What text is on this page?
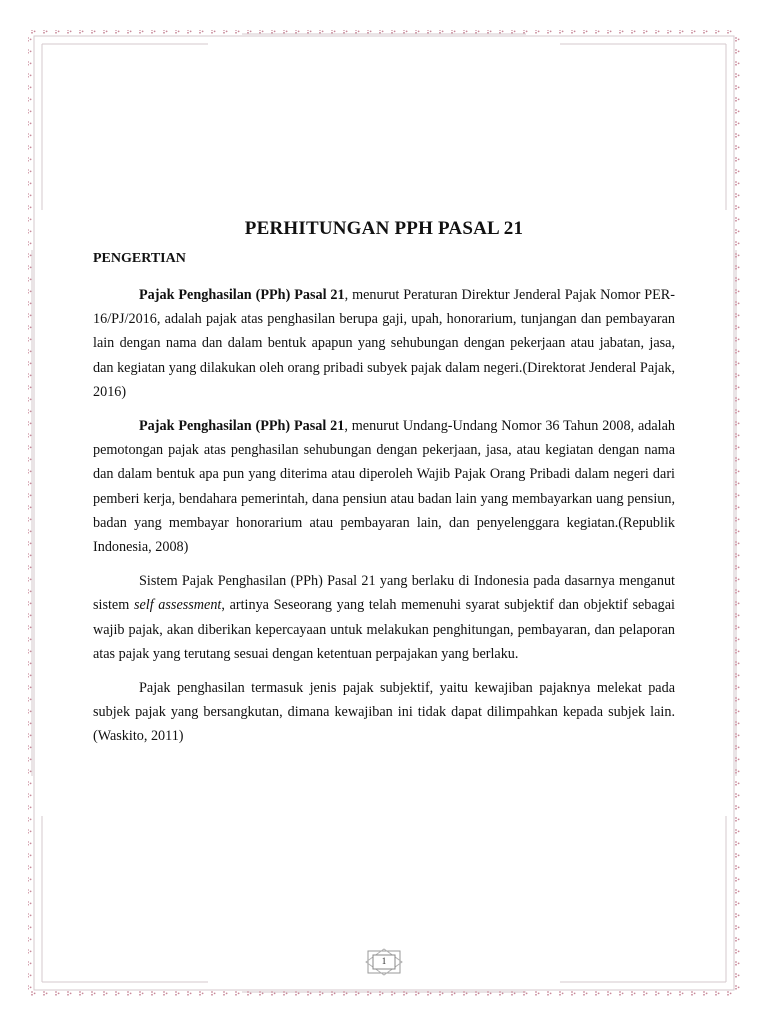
PERHITUNGAN PPH PASAL 21
PENGERTIAN

Pajak Penghasilan (PPh) Pasal 21, menurut Peraturan Direktur Jenderal Pajak Nomor PER-16/PJ/2016, adalah pajak atas penghasilan berupa gaji, upah, honorarium, tunjangan dan pembayaran lain dengan nama dan dalam bentuk apapun yang sehubungan dengan pekerjaan atau jabatan, jasa, dan kegiatan yang dilakukan oleh orang pribadi subyek pajak dalam negeri.(Direktorat Jenderal Pajak, 2016)

Pajak Penghasilan (PPh) Pasal 21, menurut Undang-Undang Nomor 36 Tahun 2008, adalah pemotongan pajak atas penghasilan sehubungan dengan pekerjaan, jasa, atau kegiatan dengan nama dan dalam bentuk apa pun yang diterima atau diperoleh Wajib Pajak Orang Pribadi dalam negeri dari pemberi kerja, bendahara pemerintah, dana pensiun atau badan lain yang membayarkan uang pensiun, badan yang membayar honorarium atau pembayaran lain, dan penyelenggara kegiatan.(Republik Indonesia, 2008)

Sistem Pajak Penghasilan (PPh) Pasal 21 yang berlaku di Indonesia pada dasarnya menganut sistem self assessment, artinya Seseorang yang telah memenuhi syarat subjektif dan objektif sebagai wajib pajak, akan diberikan kepercayaan untuk melakukan penghitungan, pembayaran, dan pelaporan atas pajak yang terutang sesuai dengan ketentuan perpajakan yang berlaku.

Pajak penghasilan termasuk jenis pajak subjektif, yaitu kewajiban pajaknya melekat pada subjek pajak yang bersangkutan, dimana kewajiban ini tidak dapat dilimpahkan kepada subjek lain. (Waskito, 2011)

1
